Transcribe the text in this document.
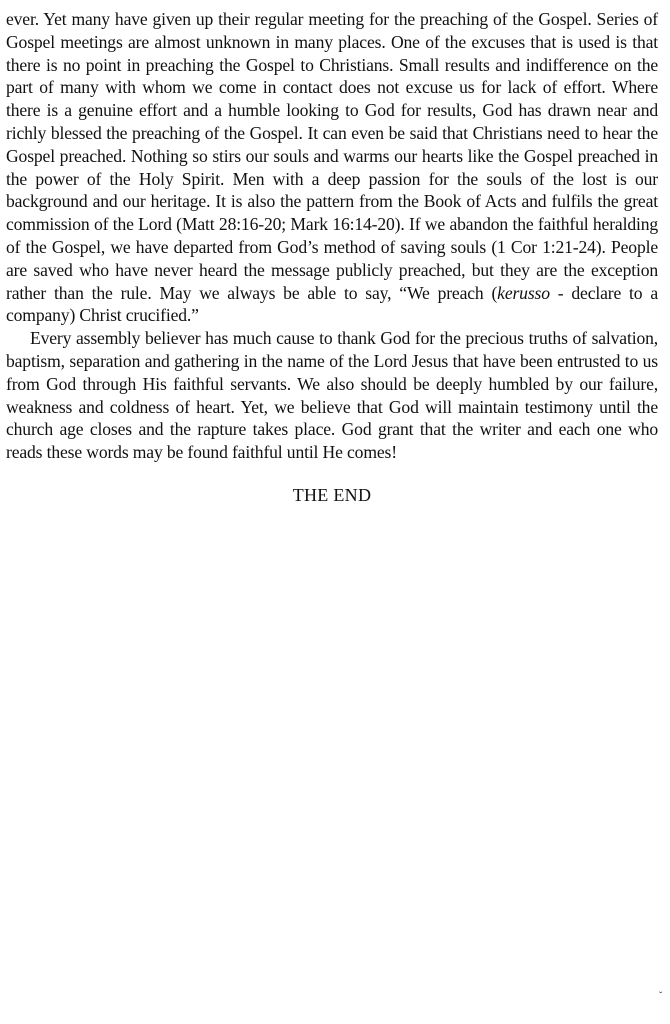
ever. Yet many have given up their regular meeting for the preaching of the Gospel. Series of Gospel meetings are almost unknown in many places. One of the excuses that is used is that there is no point in preaching the Gospel to Christians. Small results and indifference on the part of many with whom we come in contact does not excuse us for lack of effort. Where there is a genuine effort and a humble looking to God for results, God has drawn near and richly blessed the preaching of the Gospel. It can even be said that Christians need to hear the Gospel preached. Nothing so stirs our souls and warms our hearts like the Gospel preached in the power of the Holy Spirit. Men with a deep passion for the souls of the lost is our background and our heritage. It is also the pattern from the Book of Acts and fulfils the great commission of the Lord (Matt 28:16-20; Mark 16:14-20). If we abandon the faithful heralding of the Gospel, we have departed from God’s method of saving souls (1 Cor 1:21-24). People are saved who have never heard the message publicly preached, but they are the exception rather than the rule. May we always be able to say, “We preach (kerusso - declare to a company) Christ crucified.”

Every assembly believer has much cause to thank God for the precious truths of salvation, baptism, separation and gathering in the name of the Lord Jesus that have been entrusted to us from God through His faithful servants. We also should be deeply humbled by our failure, weakness and coldness of heart. Yet, we believe that God will maintain testimony until the church age closes and the rapture takes place. God grant that the writer and each one who reads these words may be found faithful until He comes!

THE END
ˇ
